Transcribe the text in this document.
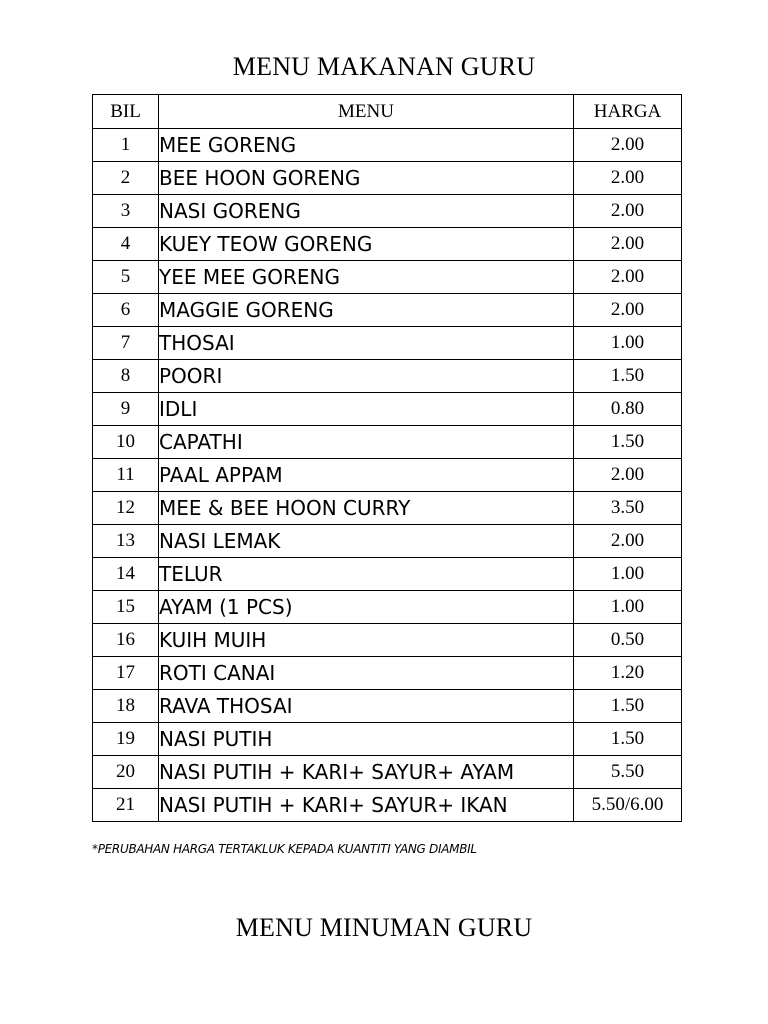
MENU MAKANAN GURU
BIL	MENU	HARGA
1	MEE GORENG	2.00
2	BEE HOON GORENG	2.00
3	NASI GORENG	2.00
4	KUEY TEOW GORENG	2.00
5	YEE MEE GORENG	2.00
6	MAGGIE GORENG	2.00
7	THOSAI	1.00
8	POORI	1.50
9	IDLI	0.80
10	CAPATHI	1.50
11	PAAL APPAM	2.00
12	MEE & BEE HOON CURRY	3.50
13	NASI LEMAK	2.00
14	TELUR	1.00
15	AYAM (1 PCS)	1.00
16	KUIH MUIH	0.50
17	ROTI CANAI	1.20
18	RAVA THOSAI	1.50
19	NASI PUTIH	1.50
20	NASI PUTIH + KARI+ SAYUR+ AYAM	5.50
21	NASI PUTIH + KARI+ SAYUR+ IKAN	5.50/6.00
*PERUBAHAN HARGA TERTAKLUK KEPADA KUANTITI YANG DIAMBIL
MENU MINUMAN GURU
